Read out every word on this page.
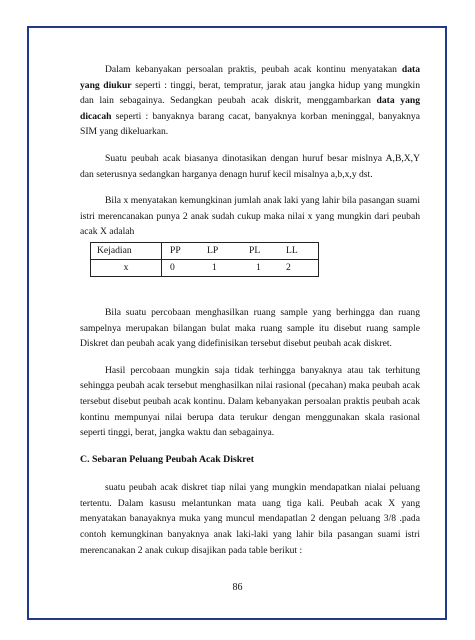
Dalam kebanyakan persoalan praktis, peubah acak kontinu menyatakan data yang diukur seperti : tinggi, berat, tempratur, jarak atau jangka hidup yang mungkin dan lain sebagainya. Sedangkan peubah acak diskrit, menggambarkan data yang dicacah seperti : banyaknya barang cacat, banyaknya korban meninggal, banyaknya SIM yang dikeluarkan.

Suatu peubah acak biasanya dinotasikan dengan huruf besar mislnya A,B,X,Y dan seterusnya sedangkan harganya denagn huruf kecil misalnya a,b,x,y dst.

Bila x menyatakan kemungkinan jumlah anak laki yang lahir bila pasangan suami istri merencanakan punya 2 anak sudah cukup maka nilai x yang mungkin dari peubah acak X adalah

Kejadian	PP LP PL LL

x	0 1 1 2

Bila suatu percobaan menghasilkan ruang sample yang berhingga dan ruang sampelnya merupakan bilangan bulat maka ruang sample itu disebut ruang sample Diskret dan peubah acak yang didefinisikan tersebut disebut peubah acak diskret.

Hasil percobaan mungkin saja tidak terhingga banyaknya atau tak terhitung sehingga peubah acak tersebut menghasilkan nilai rasional (pecahan) maka peubah acak tersebut disebut peubah acak kontinu. Dalam kebanyakan persoalan praktis peubah acak kontinu mempunyai nilai berupa data terukur dengan menggunakan skala rasional seperti tinggi, berat, jangka waktu dan sebagainya.

C. Sebaran Peluang Peubah Acak Diskret

suatu peubah acak diskret tiap nilai yang mungkin mendapatkan nialai peluang tertentu. Dalam kasusu melantunkan mata uang tiga kali. Peubah acak X yang menyatakan banayaknya muka yang muncul mendapatlan 2 dengan peluang 3/8 .pada contoh kemungkinan banyaknya anak laki-laki yang lahir bila pasangan suami istri merencanakan 2 anak cukup disajikan pada table berikut :

86
